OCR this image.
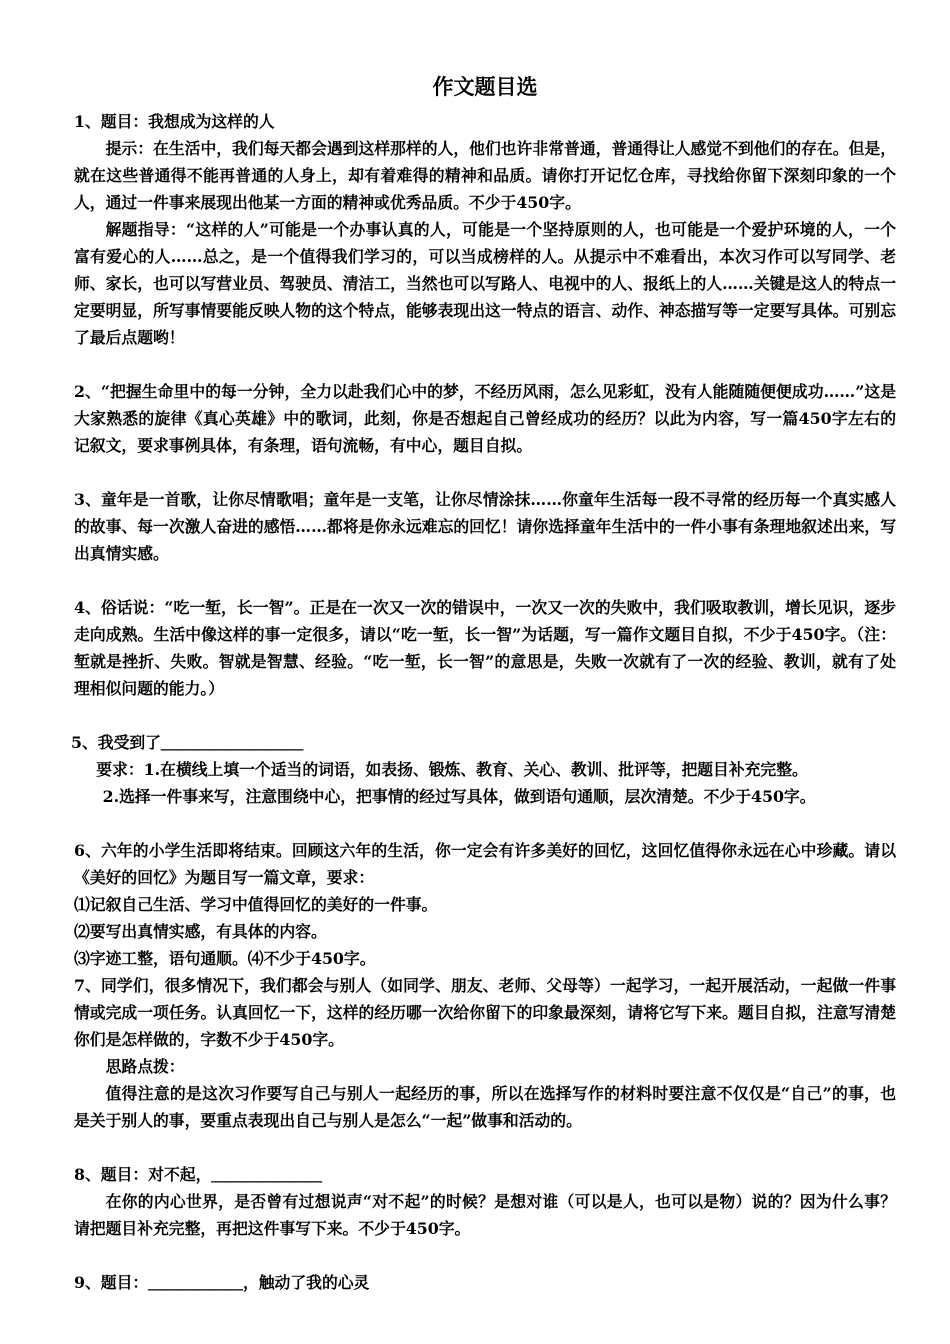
作文题目选

1、题目：我想成为这样的人

提示：在生活中，我们每天都会遇到这样那样的人，他们也许非常普通，普通得让人感觉不到他们的存在。但是，就在这些普通得不能再普通的人身上，却有着难得的精神和品质。请你打开记忆仓库，寻找给你留下深刻印象的一个人，通过一件事来展现出他某一方面的精神或优秀品质。不少于450字。

解题指导：“这样的人”可能是一个办事认真的人，可能是一个坚持原则的人，也可能是一个爱护环境的人，一个富有爱心的人……总之，是一个值得我们学习的，可以当成榜样的人。从提示中不难看出，本次习作可以写同学、老师、家长，也可以写营业员、驾驶员、清洁工，当然也可以写路人、电视中的人、报纸上的人……关键是这人的特点一定要明显，所写事情要能反映人物的这个特点，能够表现出这一特点的语言、动作、神态描写等一定要写具体。可别忘了最后点题哟！

2、“把握生命里中的每一分钟，全力以赴我们心中的梦，不经历风雨，怎么见彩虹，没有人能随随便便成功……”这是大家熟悉的旋律《真心英雄》中的歌词，此刻，你是否想起自己曾经成功的经历？以此为内容，写一篇450字左右的记叙文，要求事例具体，有条理，语句流畅，有中心，题目自拟。

3、童年是一首歌，让你尽情歌唱；童年是一支笔，让你尽情涂抹……你童年生活每一段不寻常的经历每一个真实感人的故事、每一次激人奋进的感悟……都将是你永远难忘的回忆！请你选择童年生活中的一件小事有条理地叙述出来，写出真情实感。

4、俗话说：“吃一堑，长一智”。正是在一次又一次的错误中，一次又一次的失败中，我们吸取教训，增长见识，逐步走向成熟。生活中像这样的事一定很多，请以“吃一堑，长一智”为话题，写一篇作文题目自拟，不少于450字。（注：堑就是挫折、失败。智就是智慧、经验。“吃一堑，长一智”的意思是，失败一次就有了一次的经验、教训，就有了处理相似问题的能力。）

5、我受到了＿＿＿＿＿＿＿＿＿

要求：1.在横线上填一个适当的词语，如表扬、锻炼、教育、关心、教训、批评等，把题目补充完整。

2.选择一件事来写，注意围绕中心，把事情的经过写具体，做到语句通顺，层次清楚。不少于450字。

6、六年的小学生活即将结束。回顾这六年的生活，你一定会有许多美好的回忆，这回忆值得你永远在心中珍藏。请以《美好的回忆》为题目写一篇文章，要求：

⑴记叙自己生活、学习中值得回忆的美好的一件事。

⑵要写出真情实感，有具体的内容。

⑶字迹工整，语句通顺。⑷不少于450字。

7、同学们，很多情况下，我们都会与别人（如同学、朋友、老师、父母等）一起学习，一起开展活动，一起做一件事情或完成一项任务。认真回忆一下，这样的经历哪一次给你留下的印象最深刻，请将它写下来。题目自拟，注意写清楚你们是怎样做的，字数不少于450字。

思路点拨：

值得注意的是这次习作要写自己与别人一起经历的事，所以在选择写作的材料时要注意不仅仅是“自己”的事，也是关于别人的事，要重点表现出自己与别人是怎么“一起”做事和活动的。

8、题目：对不起，＿＿＿＿＿＿＿

在你的内心世界，是否曾有过想说声“对不起”的时候？是想对谁（可以是人，也可以是物）说的？因为什么事？请把题目补充完整，再把这件事写下来。不少于450字。

9、题目：＿＿＿＿＿＿，触动了我的心灵
